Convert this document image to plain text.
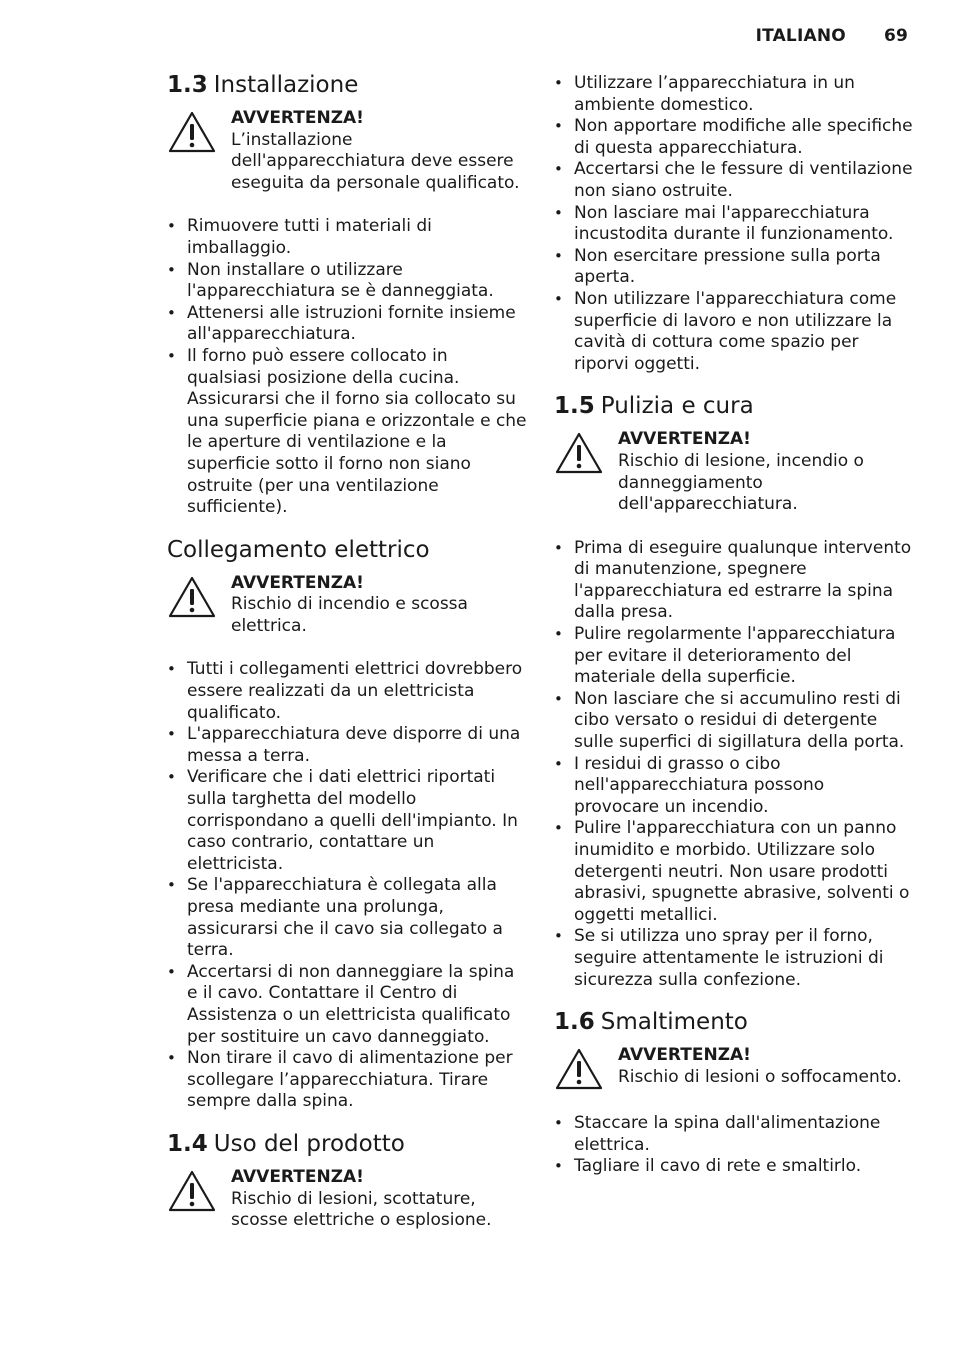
ITALIANO 69
1.3 Installazione
AVVERTENZA!
L’installazione dell'apparecchiatura deve essere eseguita da personale qualificato.
• Rimuovere tutti i materiali di imballaggio.
• Non installare o utilizzare l'apparecchiatura se è danneggiata.
• Attenersi alle istruzioni fornite insieme all'apparecchiatura.
• Il forno può essere collocato in qualsiasi posizione della cucina. Assicurarsi che il forno sia collocato su una superficie piana e orizzontale e che le aperture di ventilazione e la superficie sotto il forno non siano ostruite (per una ventilazione sufficiente).
Collegamento elettrico
AVVERTENZA!
Rischio di incendio e scossa elettrica.
• Tutti i collegamenti elettrici dovrebbero essere realizzati da un elettricista qualificato.
• L'apparecchiatura deve disporre di una messa a terra.
• Verificare che i dati elettrici riportati sulla targhetta del modello corrispondano a quelli dell'impianto. In caso contrario, contattare un elettricista.
• Se l'apparecchiatura è collegata alla presa mediante una prolunga, assicurarsi che il cavo sia collegato a terra.
• Accertarsi di non danneggiare la spina e il cavo. Contattare il Centro di Assistenza o un elettricista qualificato per sostituire un cavo danneggiato.
• Non tirare il cavo di alimentazione per scollegare l’apparecchiatura. Tirare sempre dalla spina.
1.4 Uso del prodotto
AVVERTENZA!
Rischio di lesioni, scottature, scosse elettriche o esplosione.
• Utilizzare l’apparecchiatura in un ambiente domestico.
• Non apportare modifiche alle specifiche di questa apparecchiatura.
• Accertarsi che le fessure di ventilazione non siano ostruite.
• Non lasciare mai l'apparecchiatura incustodita durante il funzionamento.
• Non esercitare pressione sulla porta aperta.
• Non utilizzare l'apparecchiatura come superficie di lavoro e non utilizzare la cavità di cottura come spazio per riporvi oggetti.
1.5 Pulizia e cura
AVVERTENZA!
Rischio di lesione, incendio o danneggiamento dell'apparecchiatura.
• Prima di eseguire qualunque intervento di manutenzione, spegnere l'apparecchiatura ed estrarre la spina dalla presa.
• Pulire regolarmente l'apparecchiatura per evitare il deterioramento del materiale della superficie.
• Non lasciare che si accumulino resti di cibo versato o residui di detergente sulle superfici di sigillatura della porta.
• I residui di grasso o cibo nell'apparecchiatura possono provocare un incendio.
• Pulire l'apparecchiatura con un panno inumidito e morbido. Utilizzare solo detergenti neutri. Non usare prodotti abrasivi, spugnette abrasive, solventi o oggetti metallici.
• Se si utilizza uno spray per il forno, seguire attentamente le istruzioni di sicurezza sulla confezione.
1.6 Smaltimento
AVVERTENZA!
Rischio di lesioni o soffocamento.
• Staccare la spina dall'alimentazione elettrica.
• Tagliare il cavo di rete e smaltirlo.
